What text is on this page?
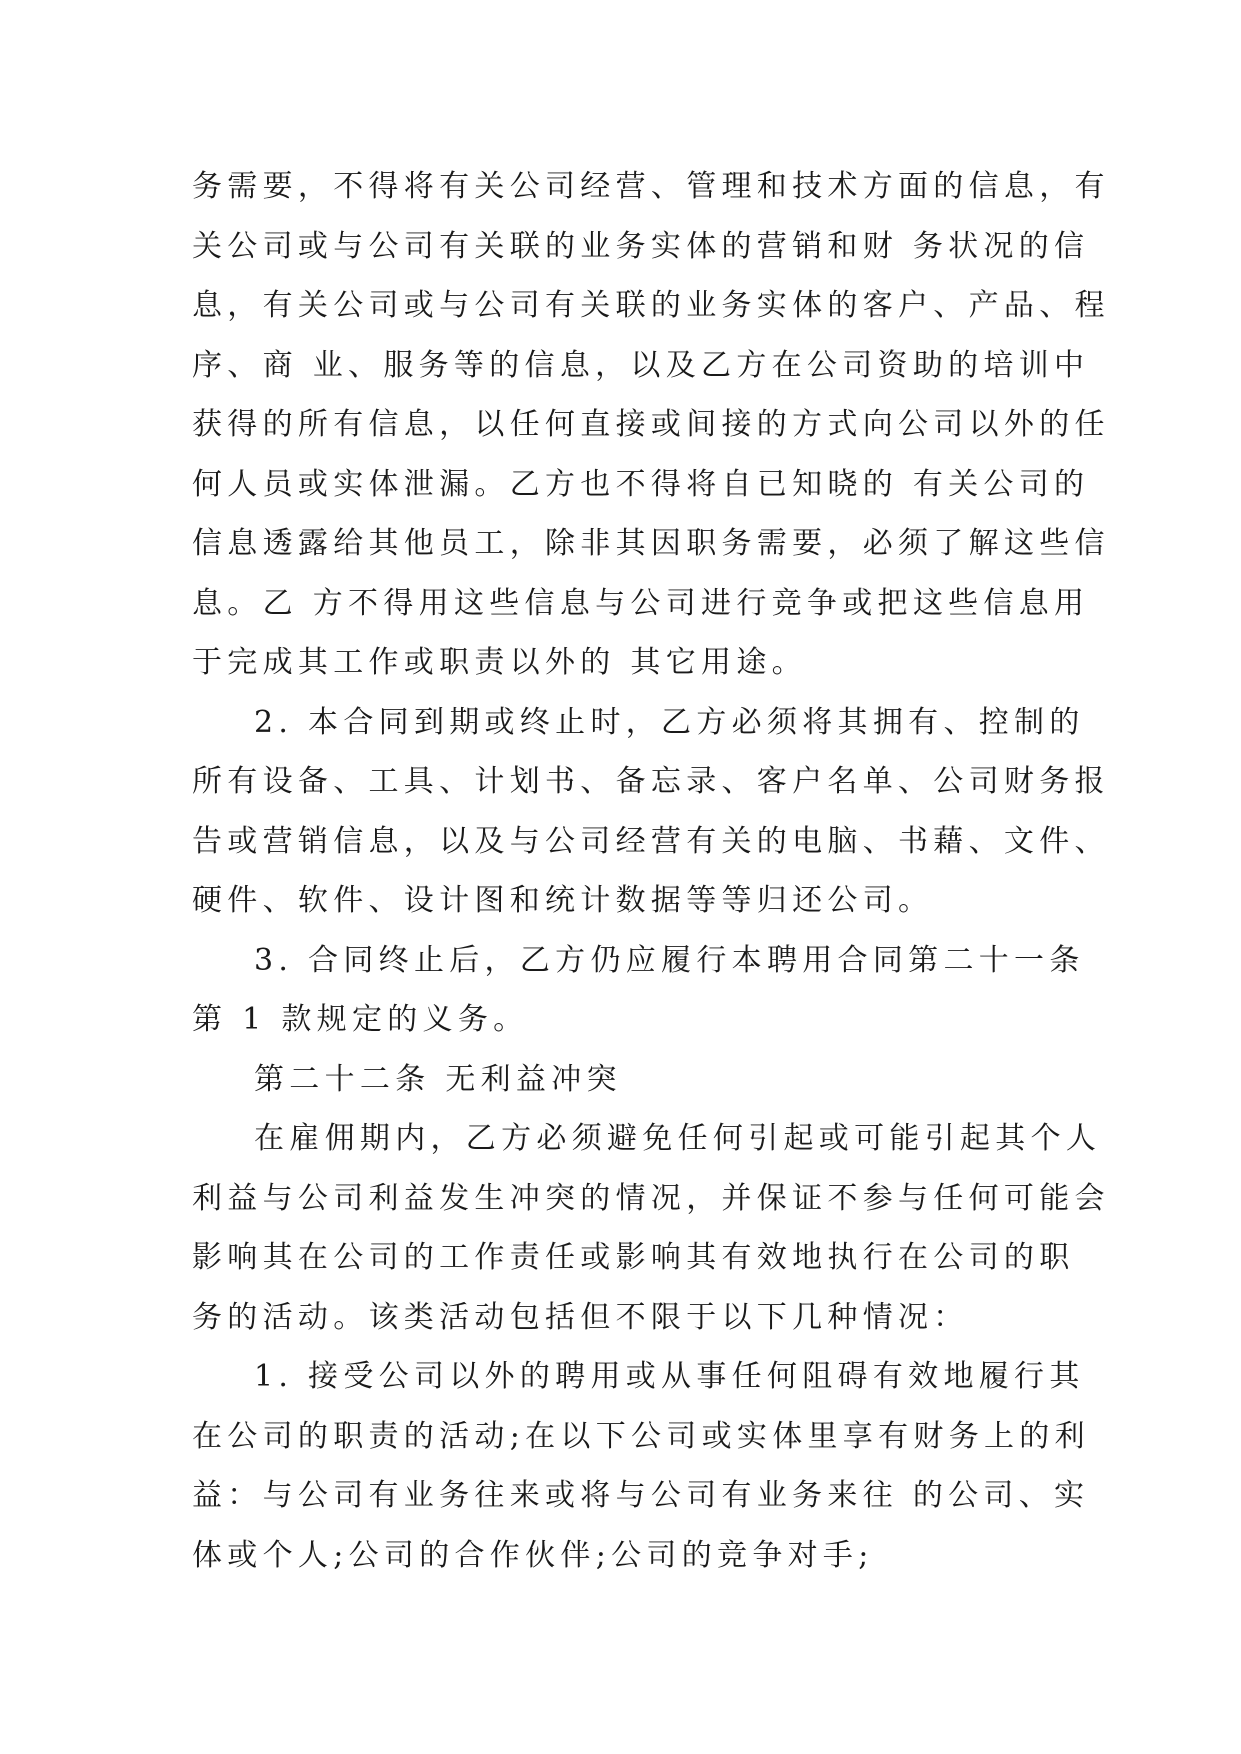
务需要，不得将有关公司经营、管理和技术方面的信息，有
关公司或与公司有关联的业务实体的营销和财 务状况的信
息，有关公司或与公司有关联的业务实体的客户、产品、程
序、商 业、服务等的信息，以及乙方在公司资助的培训中
获得的所有信息，以任何直接或间接的方式向公司以外的任
何人员或实体泄漏。乙方也不得将自已知晓的 有关公司的
信息透露给其他员工，除非其因职务需要，必须了解这些信
息。乙 方不得用这些信息与公司进行竞争或把这些信息用
于完成其工作或职责以外的 其它用途。
2. 本合同到期或终止时，乙方必须将其拥有、控制的
所有设备、工具、计划书、备忘录、客户名单、公司财务报
告或营销信息，以及与公司经营有关的电脑、书藉、文件、
硬件、软件、设计图和统计数据等等归还公司。
3. 合同终止后，乙方仍应履行本聘用合同第二十一条
第 1 款规定的义务。
第二十二条 无利益冲突
在雇佣期内，乙方必须避免任何引起或可能引起其个人
利益与公司利益发生冲突的情况，并保证不参与任何可能会
影响其在公司的工作责任或影响其有效地执行在公司的职
务的活动。该类活动包括但不限于以下几种情况：
1. 接受公司以外的聘用或从事任何阻碍有效地履行其
在公司的职责的活动;在以下公司或实体里享有财务上的利
益：与公司有业务往来或将与公司有业务来往 的公司、实
体或个人;公司的合作伙伴;公司的竞争对手;
